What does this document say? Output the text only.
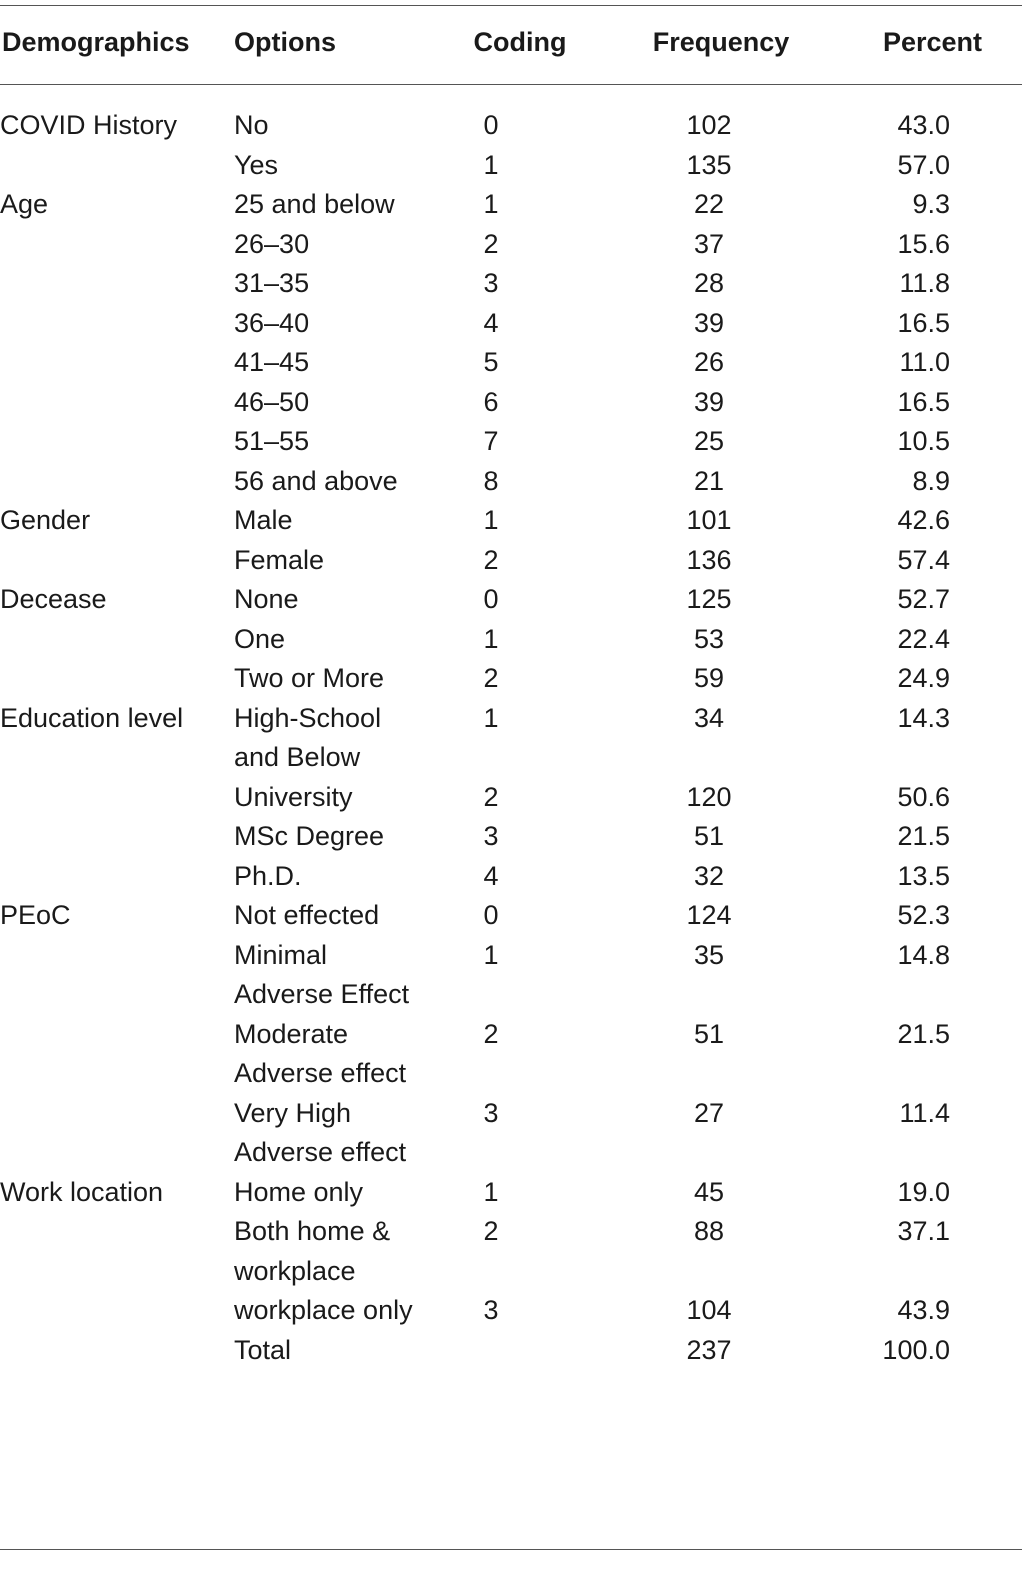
Demographics	Options	Coding	Frequency	Percent

COVID History	No	0	102	43.0
	Yes	1	135	57.0
Age	25 and below	1	22	9.3
	26–30	2	37	15.6
	31–35	3	28	11.8
	36–40	4	39	16.5
	41–45	5	26	11.0
	46–50	6	39	16.5
	51–55	7	25	10.5
	56 and above	8	21	8.9
Gender	Male	1	101	42.6
	Female	2	136	57.4
Decease	None	0	125	52.7
	One	1	53	22.4
	Two or More	2	59	24.9
Education level	High-School and Below	1	34	14.3
	University	2	120	50.6
	MSc Degree	3	51	21.5
	Ph.D.	4	32	13.5
PEoC	Not effected	0	124	52.3
	Minimal Adverse Effect	1	35	14.8
	Moderate Adverse effect	2	51	21.5
	Very High Adverse effect	3	27	11.4
Work location	Home only	1	45	19.0
	Both home & workplace	2	88	37.1
	workplace only	3	104	43.9
	Total		237	100.0
